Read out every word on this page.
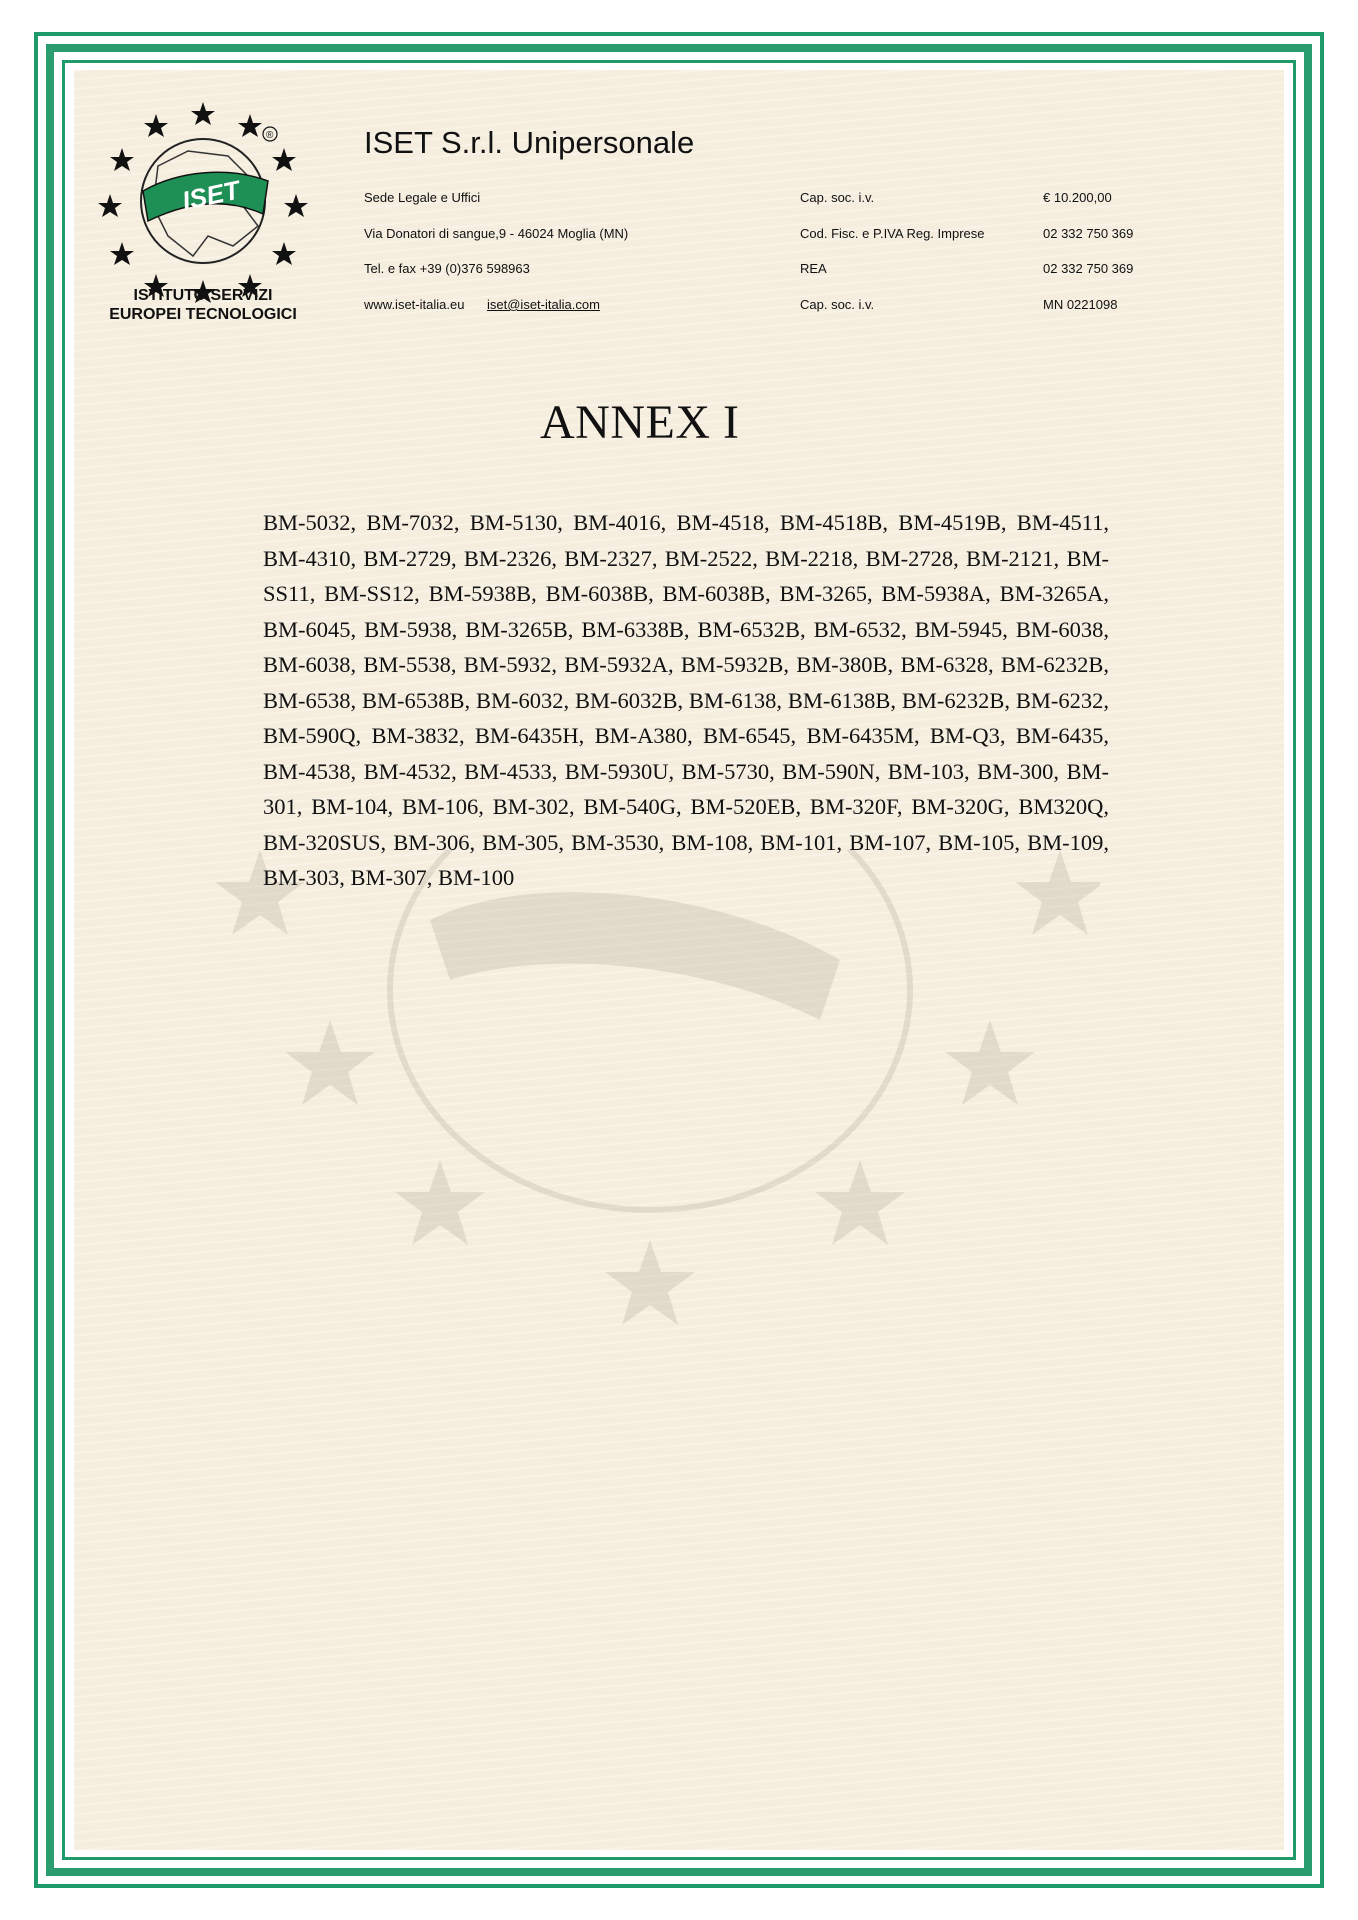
ISET
®
ISTITUTO SERVIZI
EUROPEI TECNOLOGICI
ISET S.r.l. Unipersonale
Sede Legale e Uffici	Cap. soc. i.v.	€ 10.200,00
Via Donatori di sangue,9 - 46024 Moglia (MN)	Cod. Fisc. e P.IVA Reg. Imprese	02 332 750 369
Tel. e fax +39 (0)376 598963	REA	02 332 750 369
www.iset-italia.eu iset@iset-italia.com	Cap. soc. i.v.	MN 0221098
ANNEX I
BM-5032, BM-7032, BM-5130, BM-4016, BM-4518, BM-4518B, BM-4519B, BM-4511, BM-4310, BM-2729, BM-2326, BM-2327, BM-2522, BM-2218, BM-2728, BM-2121, BM-SS11, BM-SS12, BM-5938B, BM-6038B, BM-6038B, BM-3265, BM-5938A, BM-3265A, BM-6045, BM-5938, BM-3265B, BM-6338B, BM-6532B, BM-6532, BM-5945, BM-6038, BM-6038, BM-5538, BM-5932, BM-5932A, BM-5932B, BM-380B, BM-6328, BM-6232B, BM-6538, BM-6538B, BM-6032, BM-6032B, BM-6138, BM-6138B, BM-6232B, BM-6232, BM-590Q, BM-3832, BM-6435H, BM-A380, BM-6545, BM-6435M, BM-Q3, BM-6435, BM-4538, BM-4532, BM-4533, BM-5930U, BM-5730, BM-590N, BM-103, BM-300, BM-301, BM-104, BM-106, BM-302, BM-540G, BM-520EB, BM-320F, BM-320G, BM320Q, BM-320SUS, BM-306, BM-305, BM-3530, BM-108, BM-101, BM-107, BM-105, BM-109, BM-303, BM-307, BM-100
